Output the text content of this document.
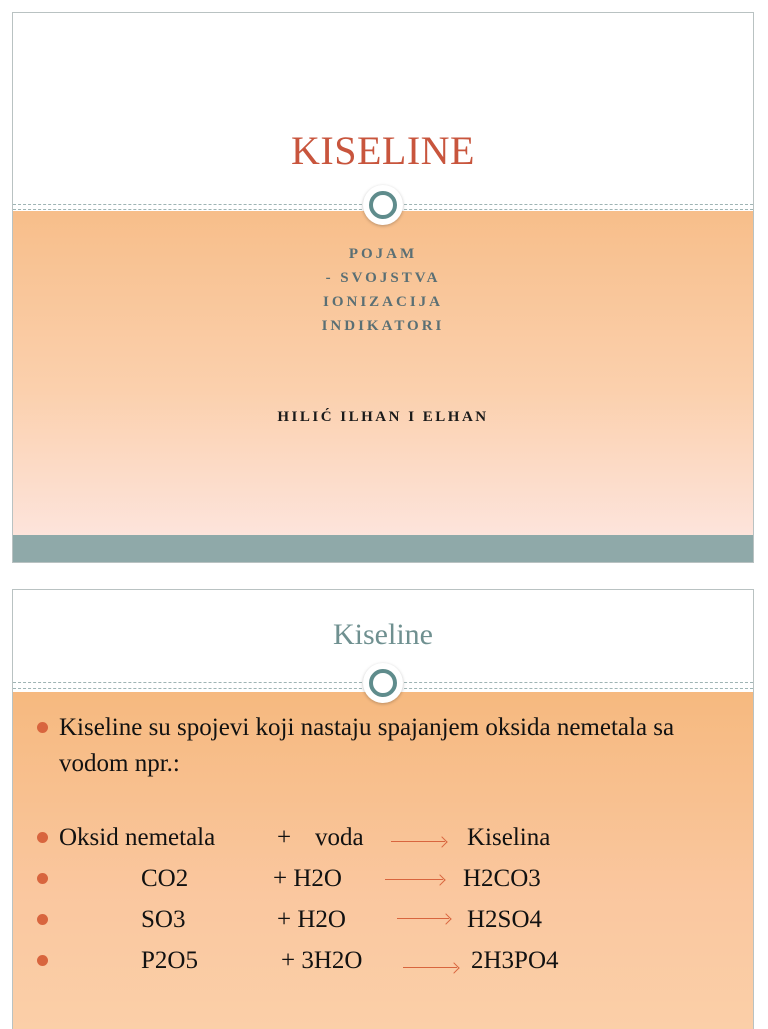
KISELINE
POJAM
- SVOJSTVA
IONIZACIJA
INDIKATORI
HILIĆ ILHAN I ELHAN
Kiseline
Kiseline su spojevi koji nastaju spajanjem oksida nemetala sa vodom npr.:
Oksid nemetala + voda	Kiselina
CO2	+ H2O	H2CO3
SO3	+ H2O	H2SO4
P2O5	+ 3H2O	2H3PO4
